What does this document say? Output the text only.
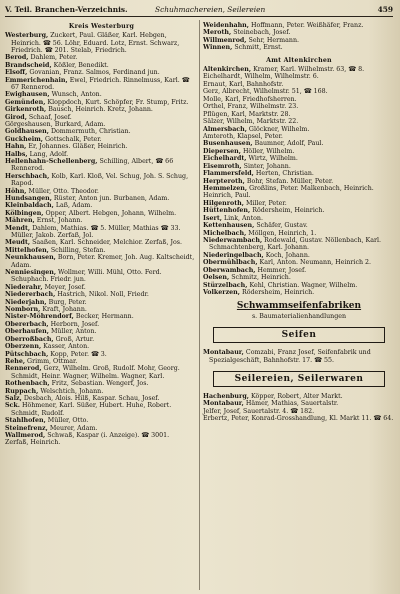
V. Teil. Branchen-Verzeichnis.	Schuhmachereien, Seilereien	459
Kreis Westerburg
Westerburg, Zuckert, Paul. Gläßer, Karl. Hebgen, Heinrich. ☎ 56. Löhr, Eduard. Lotz, Ernst. Schwarz, Friedrich. ☎ 201. Stelab, Friedrich.
Berod, Dahlem, Peter.
Brandscheid, Kößler, Benedikt.
Elsoff, Govanian, Franz. Salmos, Ferdinand jun.
Emmerichenhain, Ewel, Friedrich. Rinnelmuss, Karl. ☎ 67 Rennerod.
Ewighausen, Wunsch, Anton.
Gemünden, Kloppdoch, Kurt. Schöpfer, Fr. Stump, Fritz.
Girkenroth, Bausch, Heinrich. Kretz, Johann.
Girod, Schaaf, Josef.
Görgeshausen, Burkard, Adam.
Goldhausen, Dommermuth, Christian.
Guckheim, Gottschalk, Peter.
Hahn, Er, Johannes. Gläßer, Heinrich.
Halbs, Lang, Adolf.
Hellenhahn-Schellenberg, Schilling, Albert, ☎ 66 Rennerod.
Herschbach, Kolb, Karl. Kloß, Vel. Schug, Joh. S. Schug, Rapod.
Höhn, Müller, Otto. Theodor.
Hundsangen, Rüster, Anton jun. Burbanen, Adam.
Kleinbaldach, Laß, Adam.
Kölbingen, Opper, Albert. Hebgen, Johann, Wilhelm.
Mähren, Ernst, Johann.
Mendt, Dahlem, Mathias. ☎ 5. Müller, Mathias ☎ 33. Müller, Jakob. Zerfaß, Jol.
Meudt, Saaßen, Karl. Schneider, Melchior. Zerfaß, Jos.
Mittelhofen, Schilling, Stefan.
Neunkhausen, Born, Peter. Kremer, Joh. Aug. Kaltscheidt, Adam.
Nenniesingen, Wollmer, Willi. Mühl, Otto. Ferd. Schuphach. Friedr. jun.
Niederahr, Meyer, Josef.
Niedererbach, Hastrich, Nikol. Noll, Friedr.
Niederjahn, Burg, Peter.
Nomborn, Kraft, Johann.
Nister-Möhrendorf, Becker, Hermann.
Obererbach, Herborn, Josef.
Oberhaufen, Müller, Anton.
Oberroßbach, Groß, Artur.
Oberzenn, Kasser, Anton.
Pütschbach, Kopp, Peter. ☎ 3.
Rehe, Grimm, Ottmar.
Rennerod, Gerz, Wilhelm. Groß, Rudolf. Mohr, Georg. Schmidt, Heinr. Wagner, Wilhelm. Wagner, Karl.
Rothenbach, Fritz, Sebastian. Wengerf, Jos.
Ruppach, Welschtich, Johann.
Salz, Desbach, Alois. Hilß, Kaspar. Schau, Josef.
Sck. Höhmener, Karl. Süßer, Hubert. Huhe, Robert. Schmidt, Rudolf.
Stahlhofen, Müller, Otto.
Steinefrenz, Meurer, Adam.
Wallmerod, Schwaß, Kaspar (i. Anzeige). ☎ 3001.
Zerfaß, Heinrich.
Weidenhahn, Hoffmann, Peter. Weißhäfer, Franz.
Meroth, Steinebach, Josef.
Willmenrod, Sehr, Hermann.
Winnen, Schmitt, Ernst.
Amt Altenkirchen
Altenkirchen, Kramer, Karl. Wilhelmstr. 63, ☎ 8.
Eichelhardt, Wilhelm, Wilhelmstr. 6.
Ernaut, Karl, Bahnhofstr.
Gerz, Albrecht, Wilhelmstr. 51, ☎ 168.
Molle, Karl, Friedhofsherren.
Orthel, Franz, Wilhelmstr. 23.
Pflügen, Karl, Marktstr. 28.
Sälzer, Wilhelm, Marktstr. 22.
Almersbach, Glöckner, Wilhelm.
Amteroth, Klapsel, Peter.
Busenhausen, Baumner, Adolf, Paul.
Diepersen, Höller, Wilhelm.
Eichelhardt, Wirtz, Wilhelm.
Eisemroth, Sinter, Johann.
Flammersfeld, Herten, Christian.
Herpteroth, Bohr, Stefan. Müller, Peter.
Hemmelzen, Großlins, Peter. Malkenbach, Heinrich.
Heinrich, Paul.
Hilgenroth, Miller, Peter.
Hüttenhofen, Rödersheim, Heinrich.
Isert, Link, Anton.
Kettenhausen, Schäfer, Gustav.
Michelbach, Möllgen, Heinrich, 1.
Niederwambach, Rodewald, Gustav. Nöllenbach, Karl. Schmachtenberg, Karl. Johann.
Niederingelbach, Koch, Johann.
Obermühlbach, Karl, Anton. Neumann, Heinrich 2.
Oberwambach, Hemmer, Josef.
Oelsen, Schmitz, Heinrich.
Stürzelbach, Kehl, Christian. Wagner, Wilhelm.
Volkerzen, Rödersheim, Heinrich.
Schwammseifenfabriken
s. Baumaterialienhandlungen
Seifen
Montabaur, Comzabi, Franz Josef, Seifenfabrik und Spezialgeschäft, Bahnhofstr. 17. ☎ 55.
Seilereien, Seilerwaren
Hachenburg, Köpper, Robert, Alter Markt.
Montabaur, Hämer, Mathias, Sauertalstr.
Jelfer, Josef, Sauertalstr. 4. ☎ 182.
Erbertz, Peter, Konrad-Grosshandlung, Kl. Markt 11. ☎ 64.
